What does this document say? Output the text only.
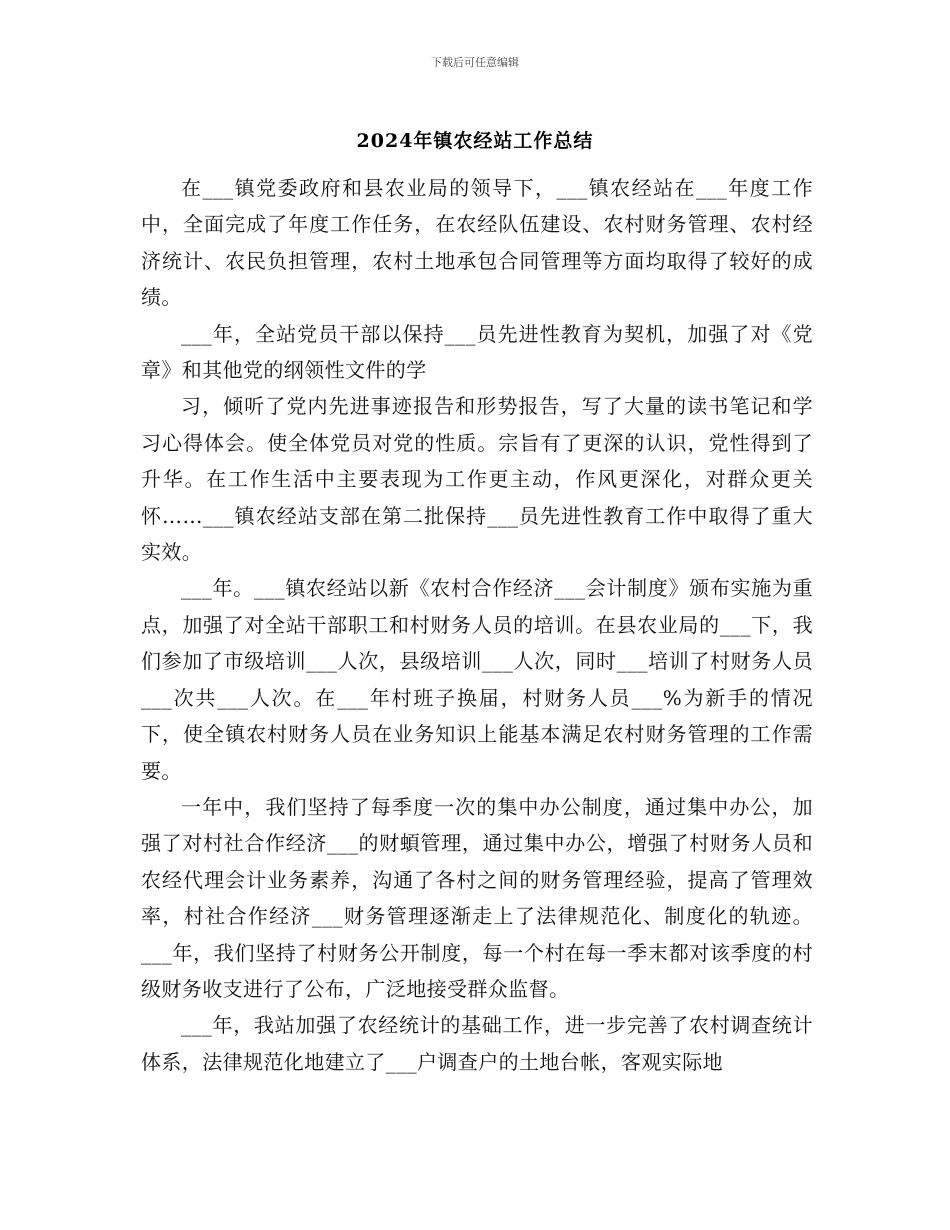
下载后可任意编辑
2024年镇农经站工作总结

在___镇党委政府和县农业局的领导下，___镇农经站在___年度工作中，全面完成了年度工作任务，在农经队伍建设、农村财务管理、农村经济统计、农民负担管理，农村土地承包合同管理等方面均取得了较好的成绩。

___年，全站党员干部以保持___员先进性教育为契机，加强了对《党章》和其他党的纲领性文件的学

习，倾听了党内先进事迹报告和形势报告，写了大量的读书笔记和学习心得体会。使全体党员对党的性质。宗旨有了更深的认识，党性得到了升华。在工作生活中主要表现为工作更主动，作风更深化，对群众更关怀……___镇农经站支部在第二批保持___员先进性教育工作中取得了重大实效。

___年。___镇农经站以新《农村合作经济___会计制度》颁布实施为重点，加强了对全站干部职工和村财务人员的培训。在县农业局的___下，我们参加了市级培训___人次，县级培训___人次，同时___培训了村财务人员___次共___人次。在___年村班子换届，村财务人员___%为新手的情况下，使全镇农村财务人员在业务知识上能基本满足农村财务管理的工作需要。

一年中，我们坚持了每季度一次的集中办公制度，通过集中办公，加强了对村社合作经济___的财蝢管理，通过集中办公，增强了村财务人员和农经代理会计业务素养，沟通了各村之间的财务管理经验，提高了管理效率，村社合作经济___财务管理逐渐走上了法律规范化、制度化的轨迹。___年，我们坚持了村财务公开制度，每一个村在每一季末都对该季度的村级财务收支进行了公布，广泛地接受群众监督。

___年，我站加强了农经统计的基础工作，进一步完善了农村调查统计体系，法律规范化地建立了___户调查户的土地台帐，客观实际地
